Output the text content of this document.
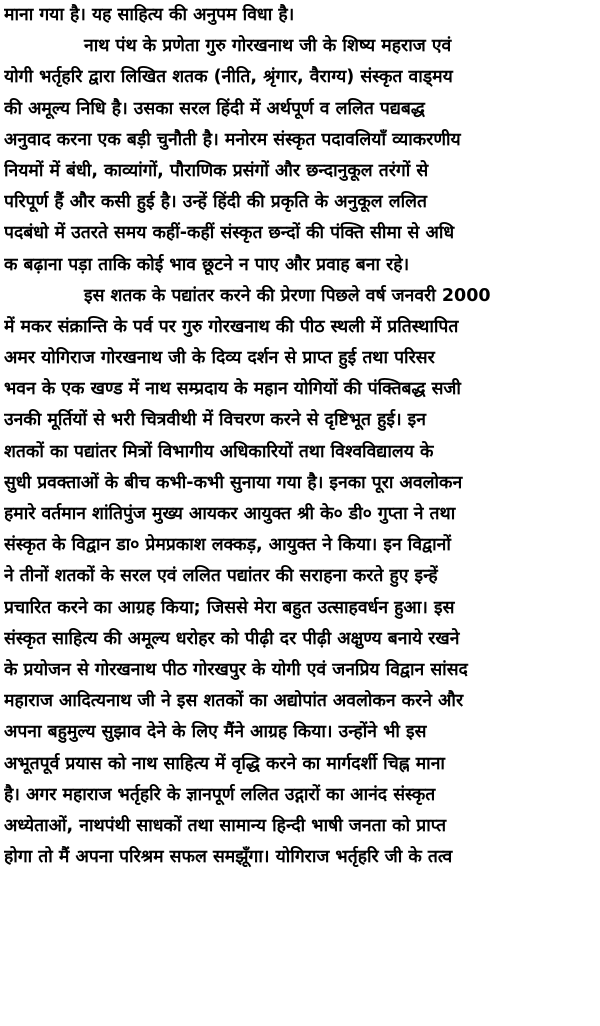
माना गया है। यह साहित्य की अनुपम विधा है।

नाथ पंथ के प्रणेता गुरु गोरखनाथ जी के शिष्य महराज एवं
योगी भर्तृहरि द्वारा लिखित शतक (नीति, श्रृंगार, वैराग्य) संस्कृत वाड्मय
की अमूल्य निधि है। उसका सरल हिंदी में अर्थपूर्ण व ललित पद्यबद्ध
अनुवाद करना एक बड़ी चुनौती है। मनोरम संस्कृत पदावलियाँ व्याकरणीय
नियमों में बंधी, काव्यांगों, पौराणिक प्रसंगों और छन्दानुकूल तरंगों से
परिपूर्ण हैं और कसी हुई है। उन्हें हिंदी की प्रकृति के अनुकूल ललित
पदबंधो में उतरते समय कहीं-कहीं संस्कृत छन्दों की पंक्ति सीमा से अधि
क बढ़ाना पड़ा ताकि कोई भाव छूटने न पाए और प्रवाह बना रहे।

इस शतक के पद्यांतर करने की प्रेरणा पिछले वर्ष जनवरी 2000
में मकर संक्रान्ति के पर्व पर गुरु गोरखनाथ की पीठ स्थली में प्रतिस्थापित
अमर योगिराज गोरखनाथ जी के दिव्य दर्शन से प्राप्त हुई तथा परिसर
भवन के एक खण्ड में नाथ सम्प्रदाय के महान योगियों की पंक्तिबद्ध सजी
उनकी मूर्तियों से भरी चित्रवीथी में विचरण करने से दृष्टिभूत हुई। इन
शतकों का पद्यांतर मित्रों विभागीय अधिकारियों तथा विश्वविद्यालय के
सुधी प्रवक्ताओं के बीच कभी-कभी सुनाया गया है। इनका पूरा अवलोकन
हमारे वर्तमान शांतिपुंज मुख्य आयकर आयुक्त श्री के० डी० गुप्ता ने तथा
संस्कृत के विद्वान डा० प्रेमप्रकाश लक्कड़, आयुक्त ने किया। इन विद्वानों
ने तीनों शतकों के सरल एवं ललित पद्यांतर की सराहना करते हुए इन्हें
प्रचारित करने का आग्रह किया; जिससे मेरा बहुत उत्साहवर्धन हुआ। इस
संस्कृत साहित्य की अमूल्य धरोहर को पीढ़ी दर पीढ़ी अक्षुण्य बनाये रखने
के प्रयोजन से गोरखनाथ पीठ गोरखपुर के योगी एवं जनप्रिय विद्वान सांसद
महाराज आदित्यनाथ जी ने इस शतकों का अद्योपांत अवलोकन करने और
अपना बहुमुल्य सुझाव देने के लिए मैंने आग्रह किया। उन्होंने भी इस
अभूतपूर्व प्रयास को नाथ साहित्य में वृद्धि करने का मार्गदर्शी चिह्न माना
है। अगर महाराज भर्तृहरि के ज्ञानपूर्ण ललित उद्गारों का आनंद संस्कृत
अध्येताओं, नाथपंथी साधकों तथा सामान्य हिन्दी भाषी जनता को प्राप्त
होगा तो मैं अपना परिश्रम सफल समझूँगा। योगिराज भर्तृहरि जी के तत्व
